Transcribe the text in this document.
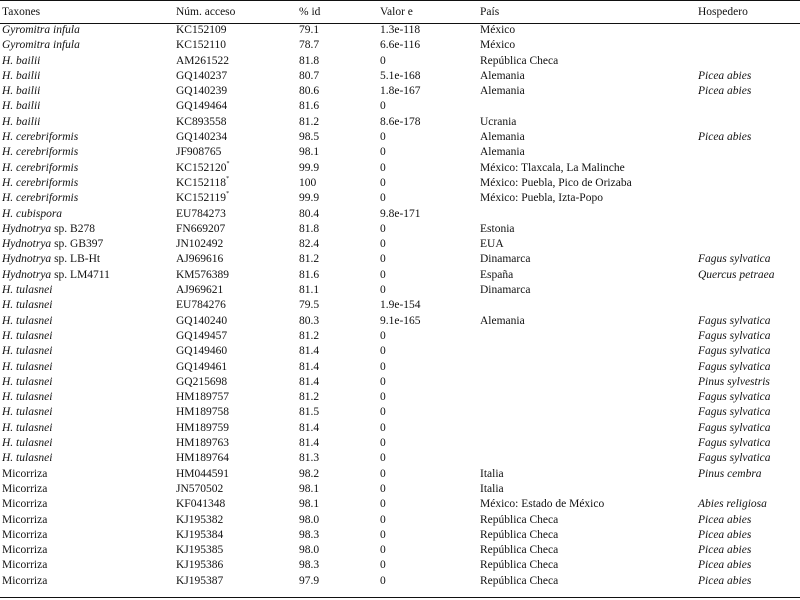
Taxones	Núm. acceso	% id	Valor e	País	Hospedero
Gyromitra infula	KC152109	79.1	1.3e-118	México	
Gyromitra infula	KC152110	78.7	6.6e-116	México	
H. bailii	AM261522	81.8	0	República Checa	
H. bailii	GQ140237	80.7	5.1e-168	Alemania	Picea abies
H. bailii	GQ140239	80.6	1.8e-167	Alemania	Picea abies
H. bailii	GQ149464	81.6	0		
H. bailii	KC893558	81.2	8.6e-178	Ucrania	
H. cerebriformis	GQ140234	98.5	0	Alemania	Picea abies
H. cerebriformis	JF908765	98.1	0	Alemania	
H. cerebriformis	KC152120*	99.9	0	México: Tlaxcala, La Malinche	
H. cerebriformis	KC152118*	100	0	México: Puebla, Pico de Orizaba	
H. cerebriformis	KC152119*	99.9	0	México: Puebla, Izta-Popo	
H. cubispora	EU784273	80.4	9.8e-171		
Hydnotrya sp. B278	FN669207	81.8	0	Estonia	
Hydnotrya sp. GB397	JN102492	82.4	0	EUA	
Hydnotrya sp. LB-Ht	AJ969616	81.2	0	Dinamarca	Fagus sylvatica
Hydnotrya sp. LM4711	KM576389	81.6	0	España	Quercus petraea
H. tulasnei	AJ969621	81.1	0	Dinamarca	
H. tulasnei	EU784276	79.5	1.9e-154		
H. tulasnei	GQ140240	80.3	9.1e-165	Alemania	Fagus sylvatica
H. tulasnei	GQ149457	81.2	0		Fagus sylvatica
H. tulasnei	GQ149460	81.4	0		Fagus sylvatica
H. tulasnei	GQ149461	81.4	0		Fagus sylvatica
H. tulasnei	GQ215698	81.4	0		Pinus sylvestris
H. tulasnei	HM189757	81.2	0		Fagus sylvatica
H. tulasnei	HM189758	81.5	0		Fagus sylvatica
H. tulasnei	HM189759	81.4	0		Fagus sylvatica
H. tulasnei	HM189763	81.4	0		Fagus sylvatica
H. tulasnei	HM189764	81.3	0		Fagus sylvatica
Micorriza	HM044591	98.2	0	Italia	Pinus cembra
Micorriza	JN570502	98.1	0	Italia	
Micorriza	KF041348	98.1	0	México: Estado de México	Abies religiosa
Micorriza	KJ195382	98.0	0	República Checa	Picea abies
Micorriza	KJ195384	98.3	0	República Checa	Picea abies
Micorriza	KJ195385	98.0	0	República Checa	Picea abies
Micorriza	KJ195386	98.3	0	República Checa	Picea abies
Micorriza	KJ195387	97.9	0	República Checa	Picea abies
